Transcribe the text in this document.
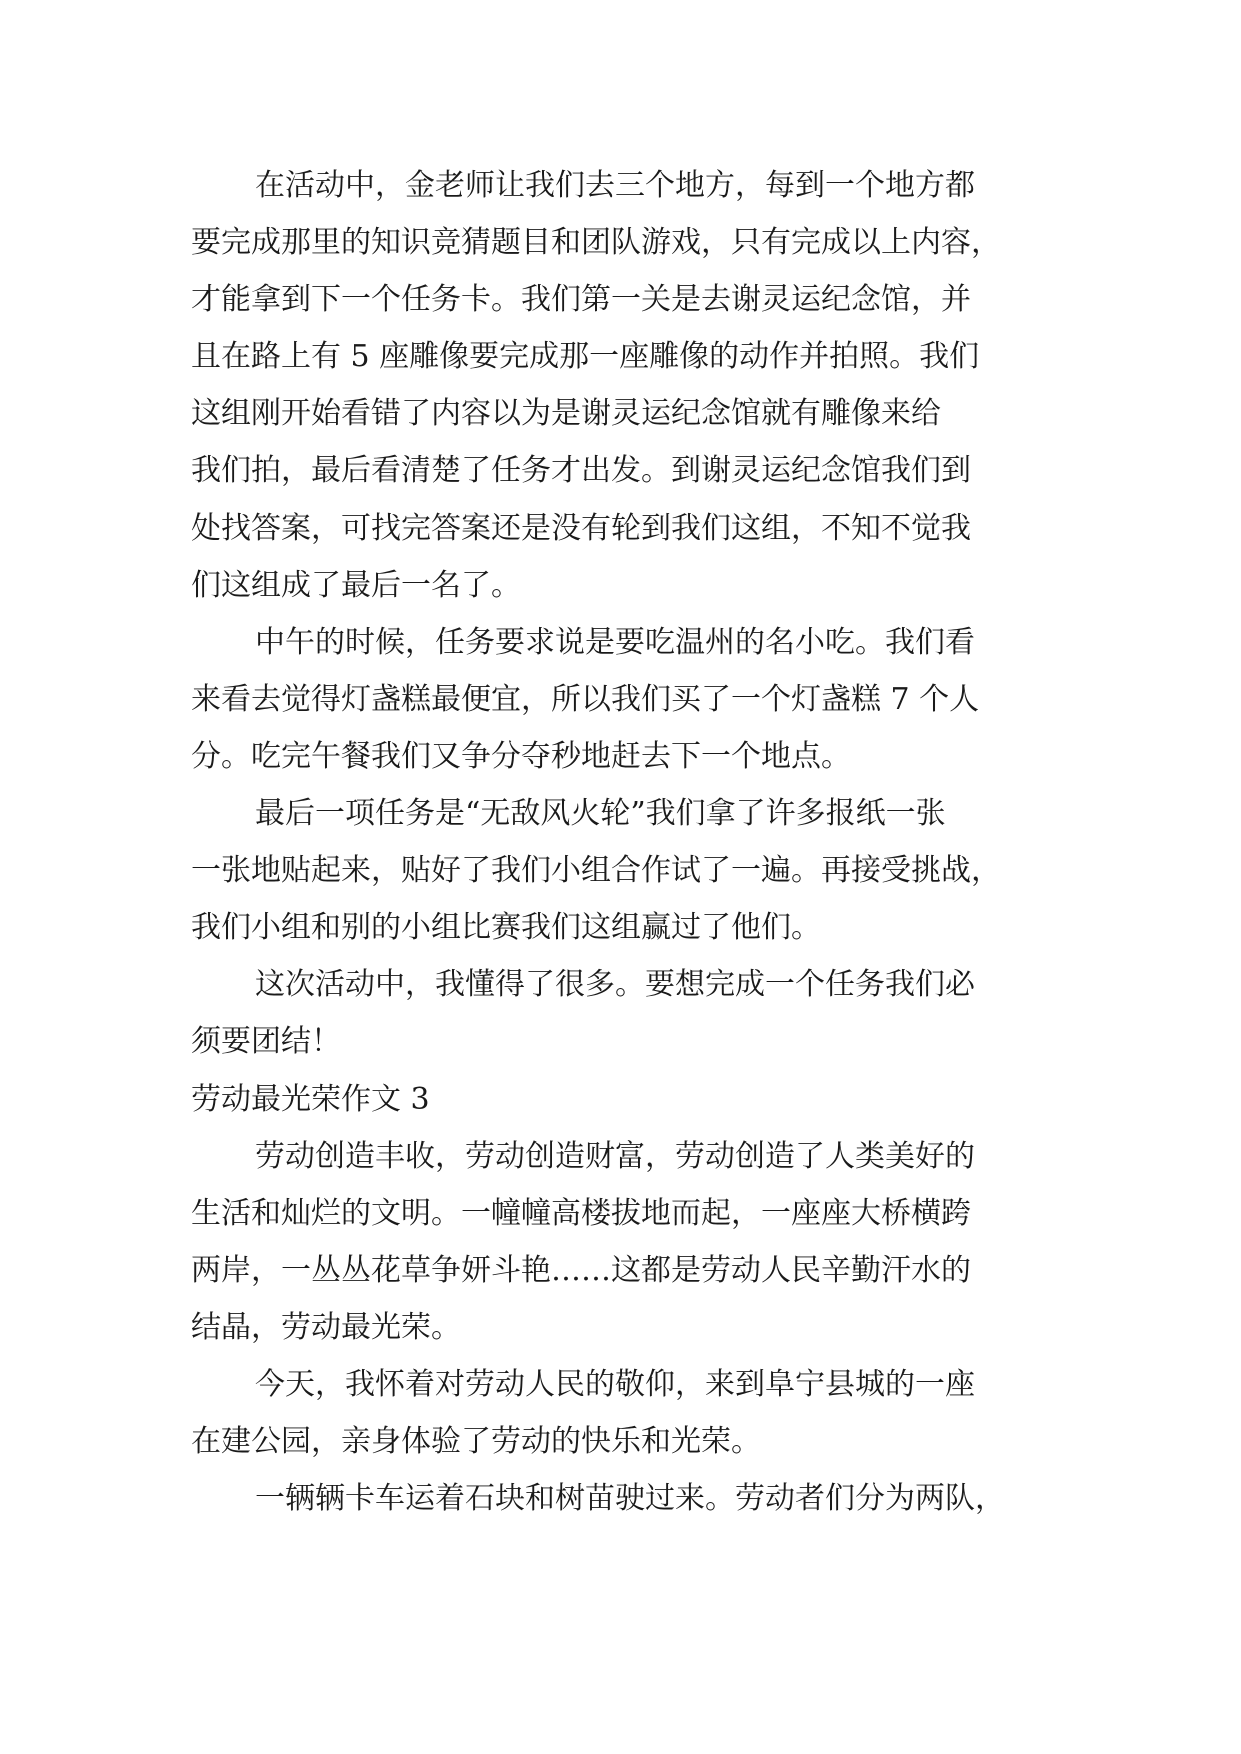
在活动中，金老师让我们去三个地方，每到一个地方都
要完成那里的知识竞猜题目和团队游戏，只有完成以上内容，
才能拿到下一个任务卡。我们第一关是去谢灵运纪念馆，并
且在路上有 5 座雕像要完成那一座雕像的动作并拍照。我们
这组刚开始看错了内容以为是谢灵运纪念馆就有雕像来给
我们拍，最后看清楚了任务才出发。到谢灵运纪念馆我们到
处找答案，可找完答案还是没有轮到我们这组，不知不觉我
们这组成了最后一名了。
中午的时候，任务要求说是要吃温州的名小吃。我们看
来看去觉得灯盏糕最便宜，所以我们买了一个灯盏糕 7 个人
分。吃完午餐我们又争分夺秒地赶去下一个地点。
最后一项任务是“无敌风火轮”我们拿了许多报纸一张
一张地贴起来，贴好了我们小组合作试了一遍。再接受挑战，
我们小组和别的小组比赛我们这组赢过了他们。
这次活动中，我懂得了很多。要想完成一个任务我们必
须要团结！
劳动最光荣作文 3
劳动创造丰收，劳动创造财富，劳动创造了人类美好的
生活和灿烂的文明。一幢幢高楼拔地而起，一座座大桥横跨
两岸，一丛丛花草争妍斗艳……这都是劳动人民辛勤汗水的
结晶，劳动最光荣。
今天，我怀着对劳动人民的敬仰，来到阜宁县城的一座
在建公园，亲身体验了劳动的快乐和光荣。
一辆辆卡车运着石块和树苗驶过来。劳动者们分为两队，
